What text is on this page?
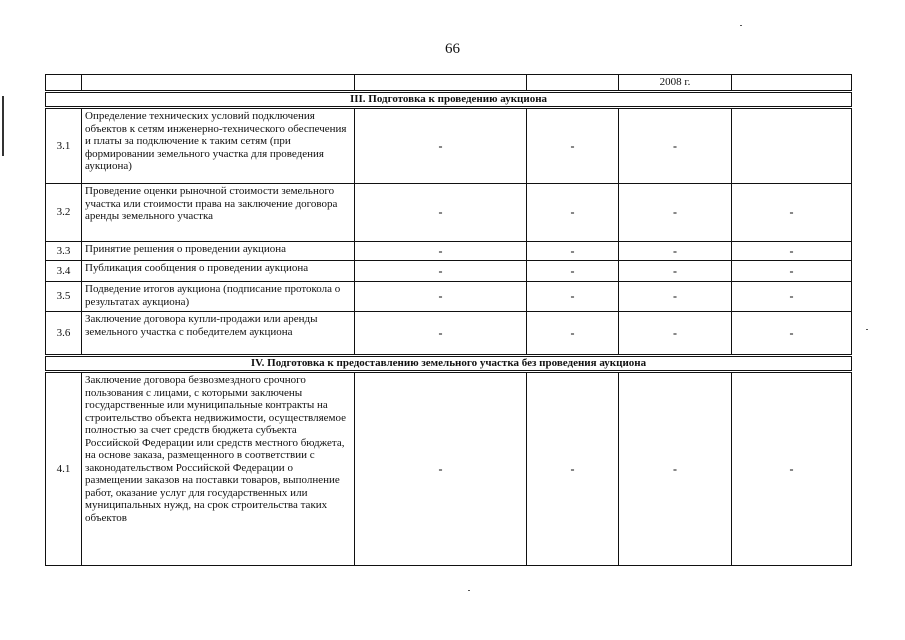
66
				2008 г.	
III. Подготовка к проведению аукциона					
3.1	Определение технических условий подключения объектов к сетям инженерно-технического обеспечения и платы за подключение к таким сетям (при формировании земельного участка для проведения аукциона)	-	-	-	
3.2	Проведение оценки рыночной стоимости земельного участка или стоимости права на заключение договора аренды земельного участка	-	-	-	-
3.3	Принятие решения о проведении аукциона	-	-	-	-
3.4	Публикация сообщения о проведении аукциона	-	-	-	-
3.5	Подведение итогов аукциона (подписание протокола о результатах аукциона)	-	-	-	-
3.6	Заключение договора купли-продажи или аренды земельного участка с победителем аукциона	-	-	-	-
IV. Подготовка к предоставлению земельного участка без проведения аукциона					
4.1	Заключение договора безвозмездного срочного пользования с лицами, с которыми заключены государственные или муниципальные контракты на строительство объекта недвижимости, осуществляемое полностью за счет средств бюджета субъекта Российской Федерации или средств местного бюджета, на основе заказа, размещенного в соответствии с законодательством Российской Федерации о размещении заказов на поставки товаров, выполнение работ, оказание услуг для государственных или муниципальных нужд, на срок строительства таких объектов	-	-	-	-
